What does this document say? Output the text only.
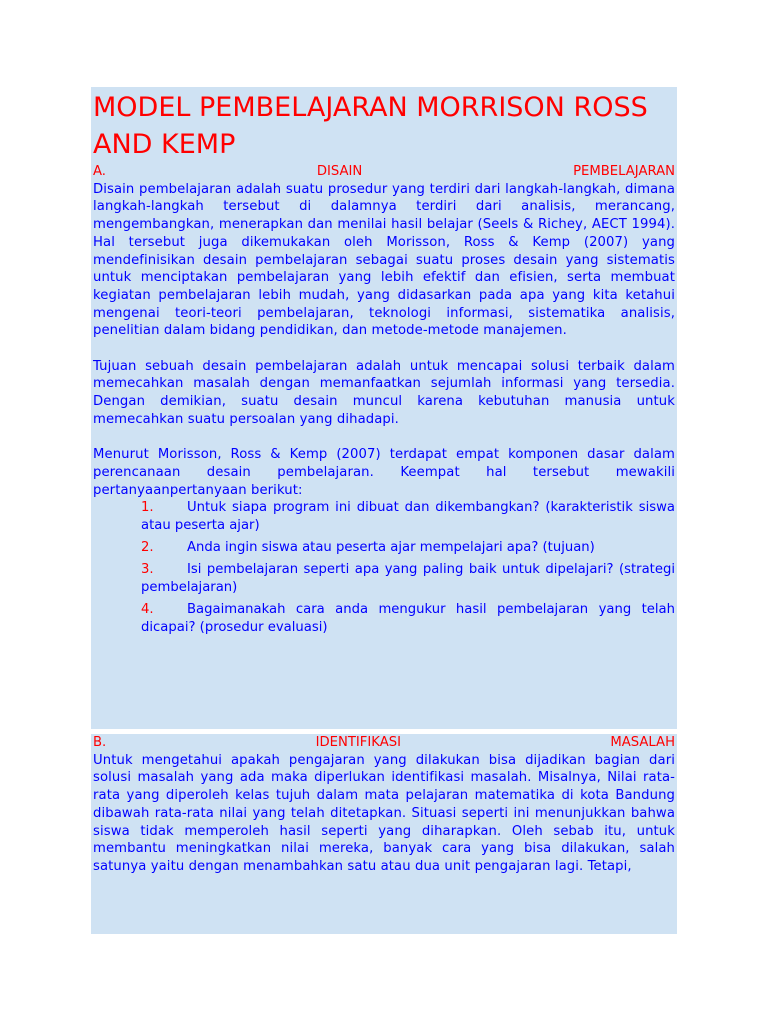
MODEL PEMBELAJARAN MORRISON ROSS AND KEMP
A.	DISAIN	PEMBELAJARAN

Disain pembelajaran adalah suatu prosedur yang terdiri dari langkah-langkah, dimana langkah-langkah tersebut di dalamnya terdiri dari analisis, merancang, mengembangkan, menerapkan dan menilai hasil belajar (Seels & Richey, AECT 1994). Hal tersebut juga dikemukakan oleh Morisson, Ross & Kemp (2007) yang mendefinisikan desain pembelajaran sebagai suatu proses desain yang sistematis untuk menciptakan pembelajaran yang lebih efektif dan efisien, serta membuat kegiatan pembelajaran lebih mudah, yang didasarkan pada apa yang kita ketahui mengenai teori-teori pembelajaran, teknologi informasi, sistematika analisis, penelitian dalam bidang pendidikan, dan metode-metode manajemen.

Tujuan sebuah desain pembelajaran adalah untuk mencapai solusi terbaik dalam memecahkan masalah dengan memanfaatkan sejumlah informasi yang tersedia. Dengan demikian, suatu desain muncul karena kebutuhan manusia untuk memecahkan suatu persoalan yang dihadapi.

Menurut Morisson, Ross & Kemp (2007) terdapat empat komponen dasar dalam perencanaan desain pembelajaran. Keempat hal tersebut mewakili pertanyaanpertanyaan berikut:

1.	Untuk siapa program ini dibuat dan dikembangkan? (karakteristik siswa atau peserta ajar)
2.	Anda ingin siswa atau peserta ajar mempelajari apa? (tujuan)
3.	Isi pembelajaran seperti apa yang paling baik untuk dipelajari? (strategi pembelajaran)
4.	Bagaimanakah cara anda mengukur hasil pembelajaran yang telah dicapai? (prosedur evaluasi)
B.	IDENTIFIKASI	MASALAH

Untuk mengetahui apakah pengajaran yang dilakukan bisa dijadikan bagian dari solusi masalah yang ada maka diperlukan identifikasi masalah. Misalnya, Nilai rata-rata yang diperoleh kelas tujuh dalam mata pelajaran matematika di kota Bandung dibawah rata-rata nilai yang telah ditetapkan. Situasi seperti ini menunjukkan bahwa siswa tidak memperoleh hasil seperti yang diharapkan. Oleh sebab itu, untuk membantu meningkatkan nilai mereka, banyak cara yang bisa dilakukan, salah satunya yaitu dengan menambahkan satu atau dua unit pengajaran lagi. Tetapi,
